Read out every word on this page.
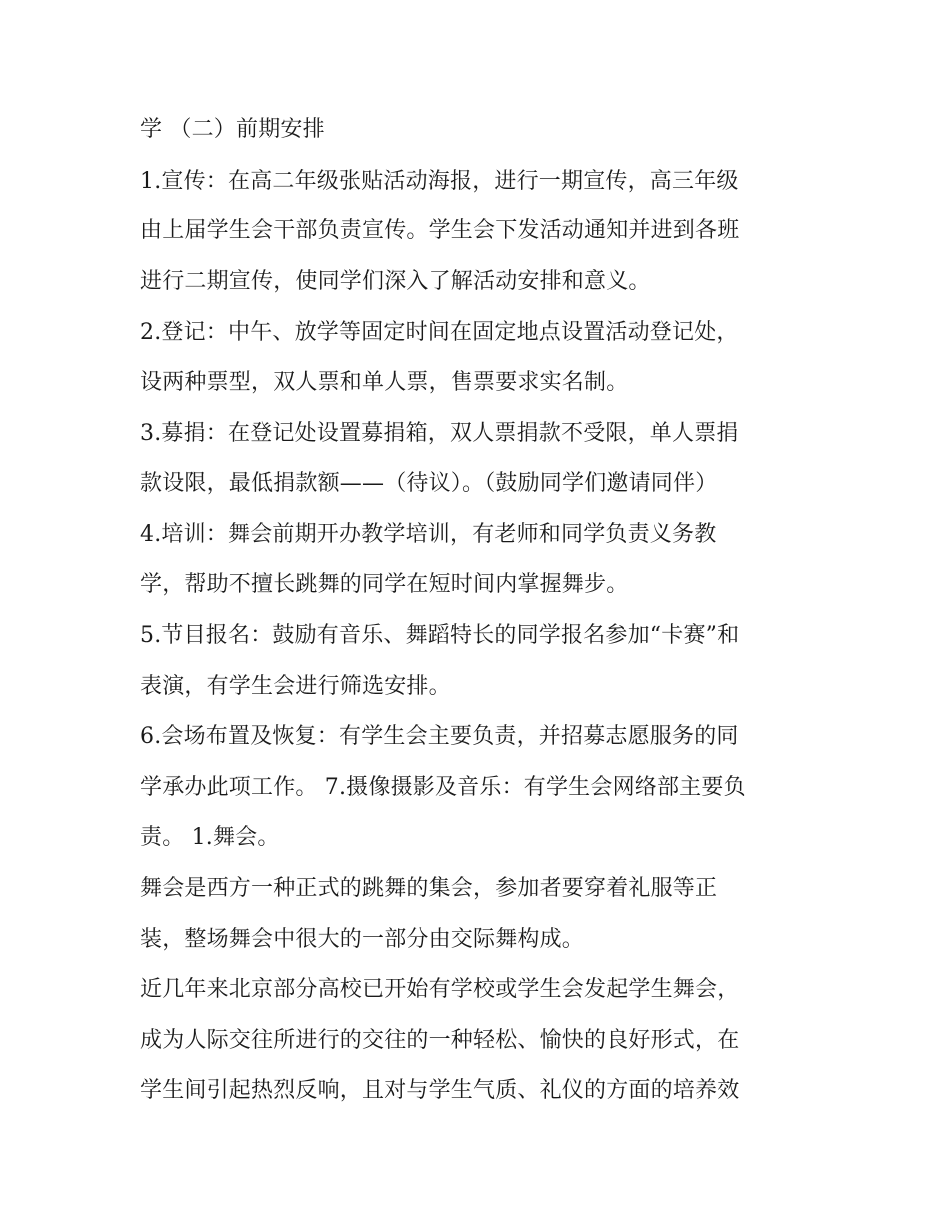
学 （二）前期安排
1.宣传：在高二年级张贴活动海报，进行一期宣传，高三年级
由上届学生会干部负责宣传。学生会下发活动通知并进到各班
进行二期宣传，使同学们深入了解活动安排和意义。
2.登记：中午、放学等固定时间在固定地点设置活动登记处，
设两种票型，双人票和单人票，售票要求实名制。
3.募捐：在登记处设置募捐箱，双人票捐款不受限，单人票捐
款设限，最低捐款额——（待议）。（鼓励同学们邀请同伴）
4.培训：舞会前期开办教学培训，有老师和同学负责义务教
学，帮助不擅长跳舞的同学在短时间内掌握舞步。
5.节目报名：鼓励有音乐、舞蹈特长的同学报名参加“卡赛”和
表演，有学生会进行筛选安排。
6.会场布置及恢复：有学生会主要负责，并招募志愿服务的同
学承办此项工作。 7.摄像摄影及音乐：有学生会网络部主要负
责。 1.舞会。
舞会是西方一种正式的跳舞的集会，参加者要穿着礼服等正
装，整场舞会中很大的一部分由交际舞构成。
近几年来北京部分高校已开始有学校或学生会发起学生舞会，
成为人际交往所进行的交往的一种轻松、愉快的良好形式，在
学生间引起热烈反响，且对与学生气质、礼仪的方面的培养效
